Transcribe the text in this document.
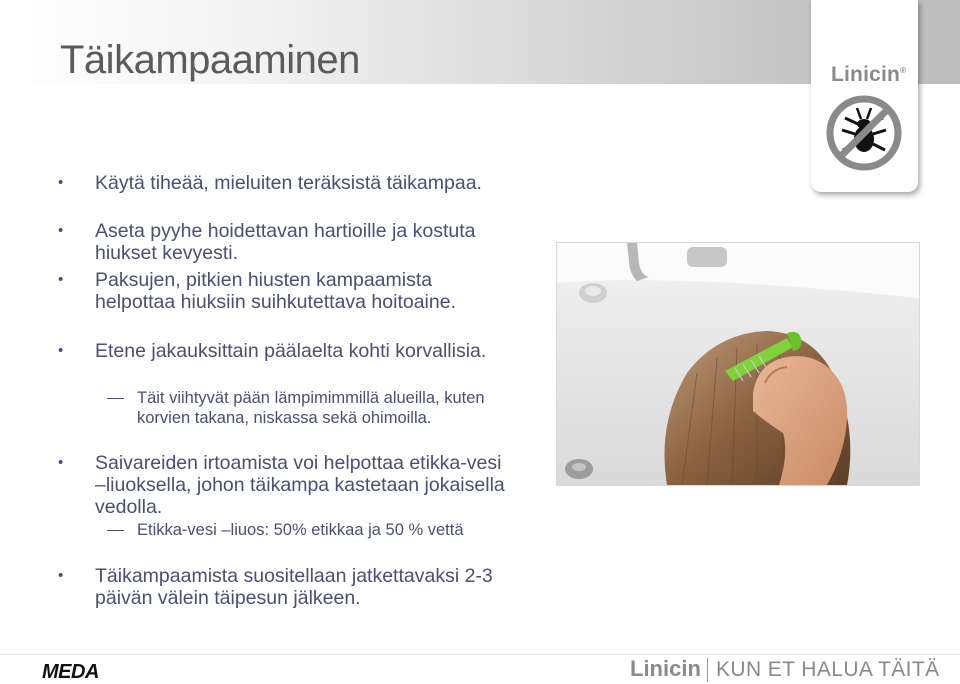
Täikampaaminen	Linicin®
Käytä tiheää, mieluiten teräksistä täikampaa.
Aseta pyyhe hoidettavan hartioille ja kostuta hiukset kevyesti.
Paksujen, pitkien hiusten kampaamista helpottaa hiuksiin suihkutettava hoitoaine.
Etene jakauksittain päälaelta kohti korvallisia.
Täit viihtyvät pään lämpimimmillä alueilla, kuten korvien takana, niskassa sekä ohimoilla.
Saivareiden irtoamista voi helpottaa etikka-vesi –liuoksella, johon täikampa kastetaan jokaisella vedolla.
Etikka-vesi –liuos: 50% etikkaa ja 50 % vettä
Täikampaamista suositellaan jatkettavaksi 2-3 päivän välein täipesun jälkeen.
MEDA	Linicin KUN ET HALUA TÄITÄ
